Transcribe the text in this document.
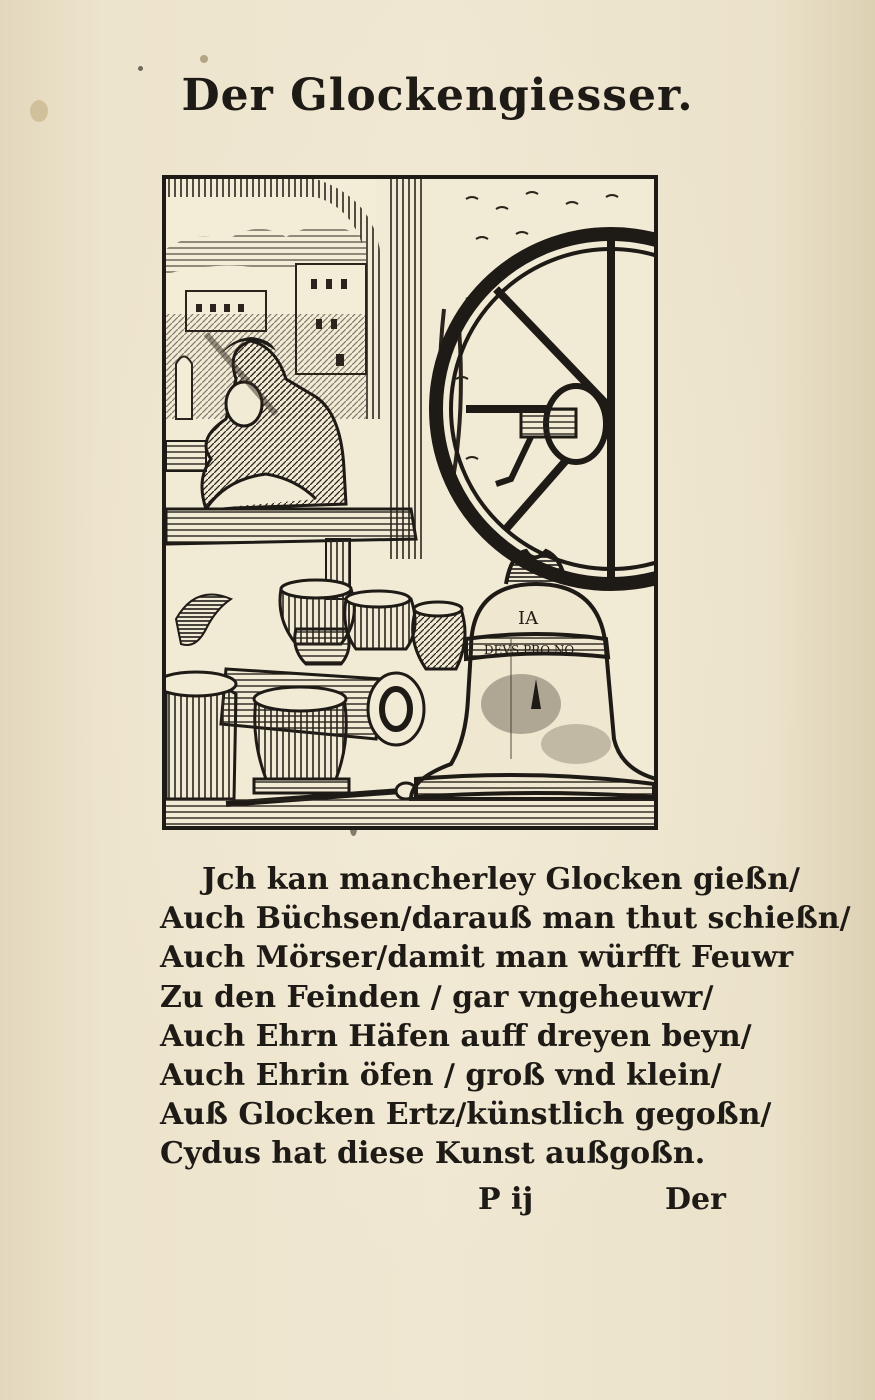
Der Glockengiesser.
IA
DEVS PRO NO
Jch kan mancherley Glocken gießn/
Auch Büchsen/darauß man thut schießn/
Auch Mörser/damit man würfft Feuwr
Zu den Feinden / gar vngeheuwr/
Auch Ehrn Häfen auff dreyen beyn/
Auch Ehrin öfen / groß vnd klein/
Auß Glocken Ertz/künstlich gegoßn/
Cydus hat diese Kunst außgoßn.
P ij	Der
